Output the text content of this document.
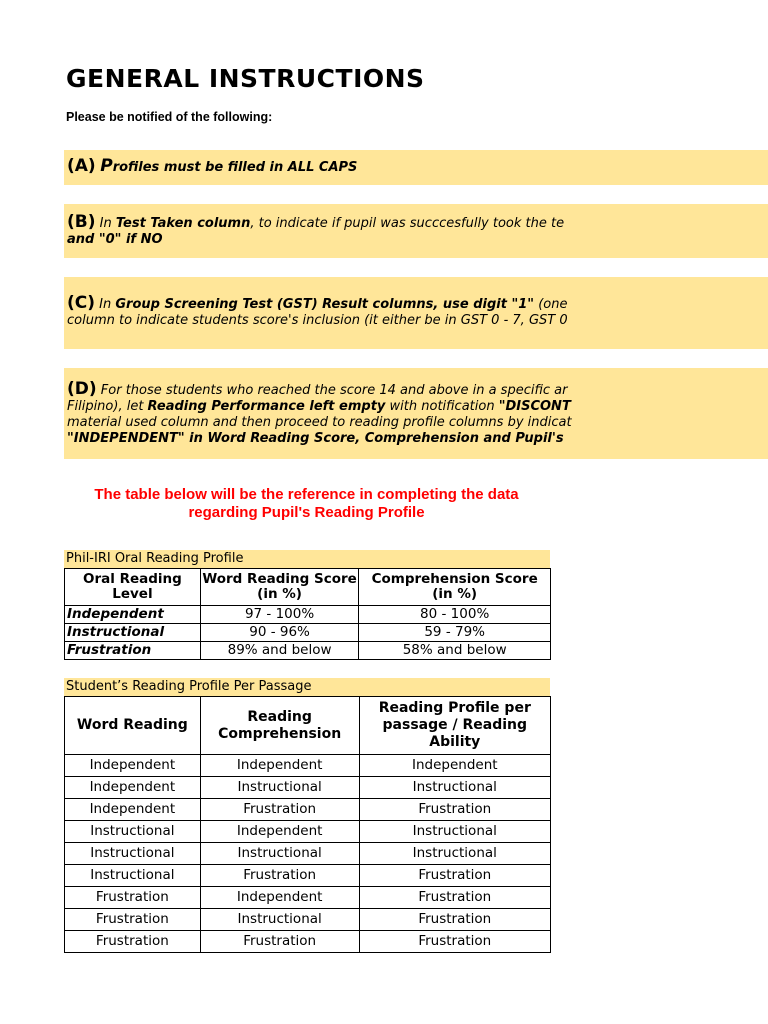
GENERAL INSTRUCTIONS
Please be notified of the following:
(A) Profiles must be filled in ALL CAPS
(B) In Test Taken column, to indicate if pupil was succcesfully took the te
and "0" if NO
(C) In Group Screening Test (GST) Result columns, use digit "1" (one
column to indicate students score's inclusion (it either be in GST 0 - 7, GST 0
(D) For those students who reached the score 14 and above in a specific ar
Filipino), let Reading Performance left empty with notification "DISCONT
material used column and then proceed to reading profile columns by indicat
"INDEPENDENT" in Word Reading Score, Comprehension and Pupil's
The table below will be the reference in completing the data
regarding Pupil's Reading Profile
Phil-IRI Oral Reading Profile
Oral Reading Level	Word Reading Score (in %)	Comprehension Score (in %)
Independent	97 - 100%	80 - 100%
Instructional	90 - 96%	59 - 79%
Frustration	89% and below	58% and below
Student’s Reading Profile Per Passage
Word Reading	Reading Comprehension	Reading Profile per passage / Reading Ability
Independent	Independent	Independent
Independent	Instructional	Instructional
Independent	Frustration	Frustration
Instructional	Independent	Instructional
Instructional	Instructional	Instructional
Instructional	Frustration	Frustration
Frustration	Independent	Frustration
Frustration	Instructional	Frustration
Frustration	Frustration	Frustration
